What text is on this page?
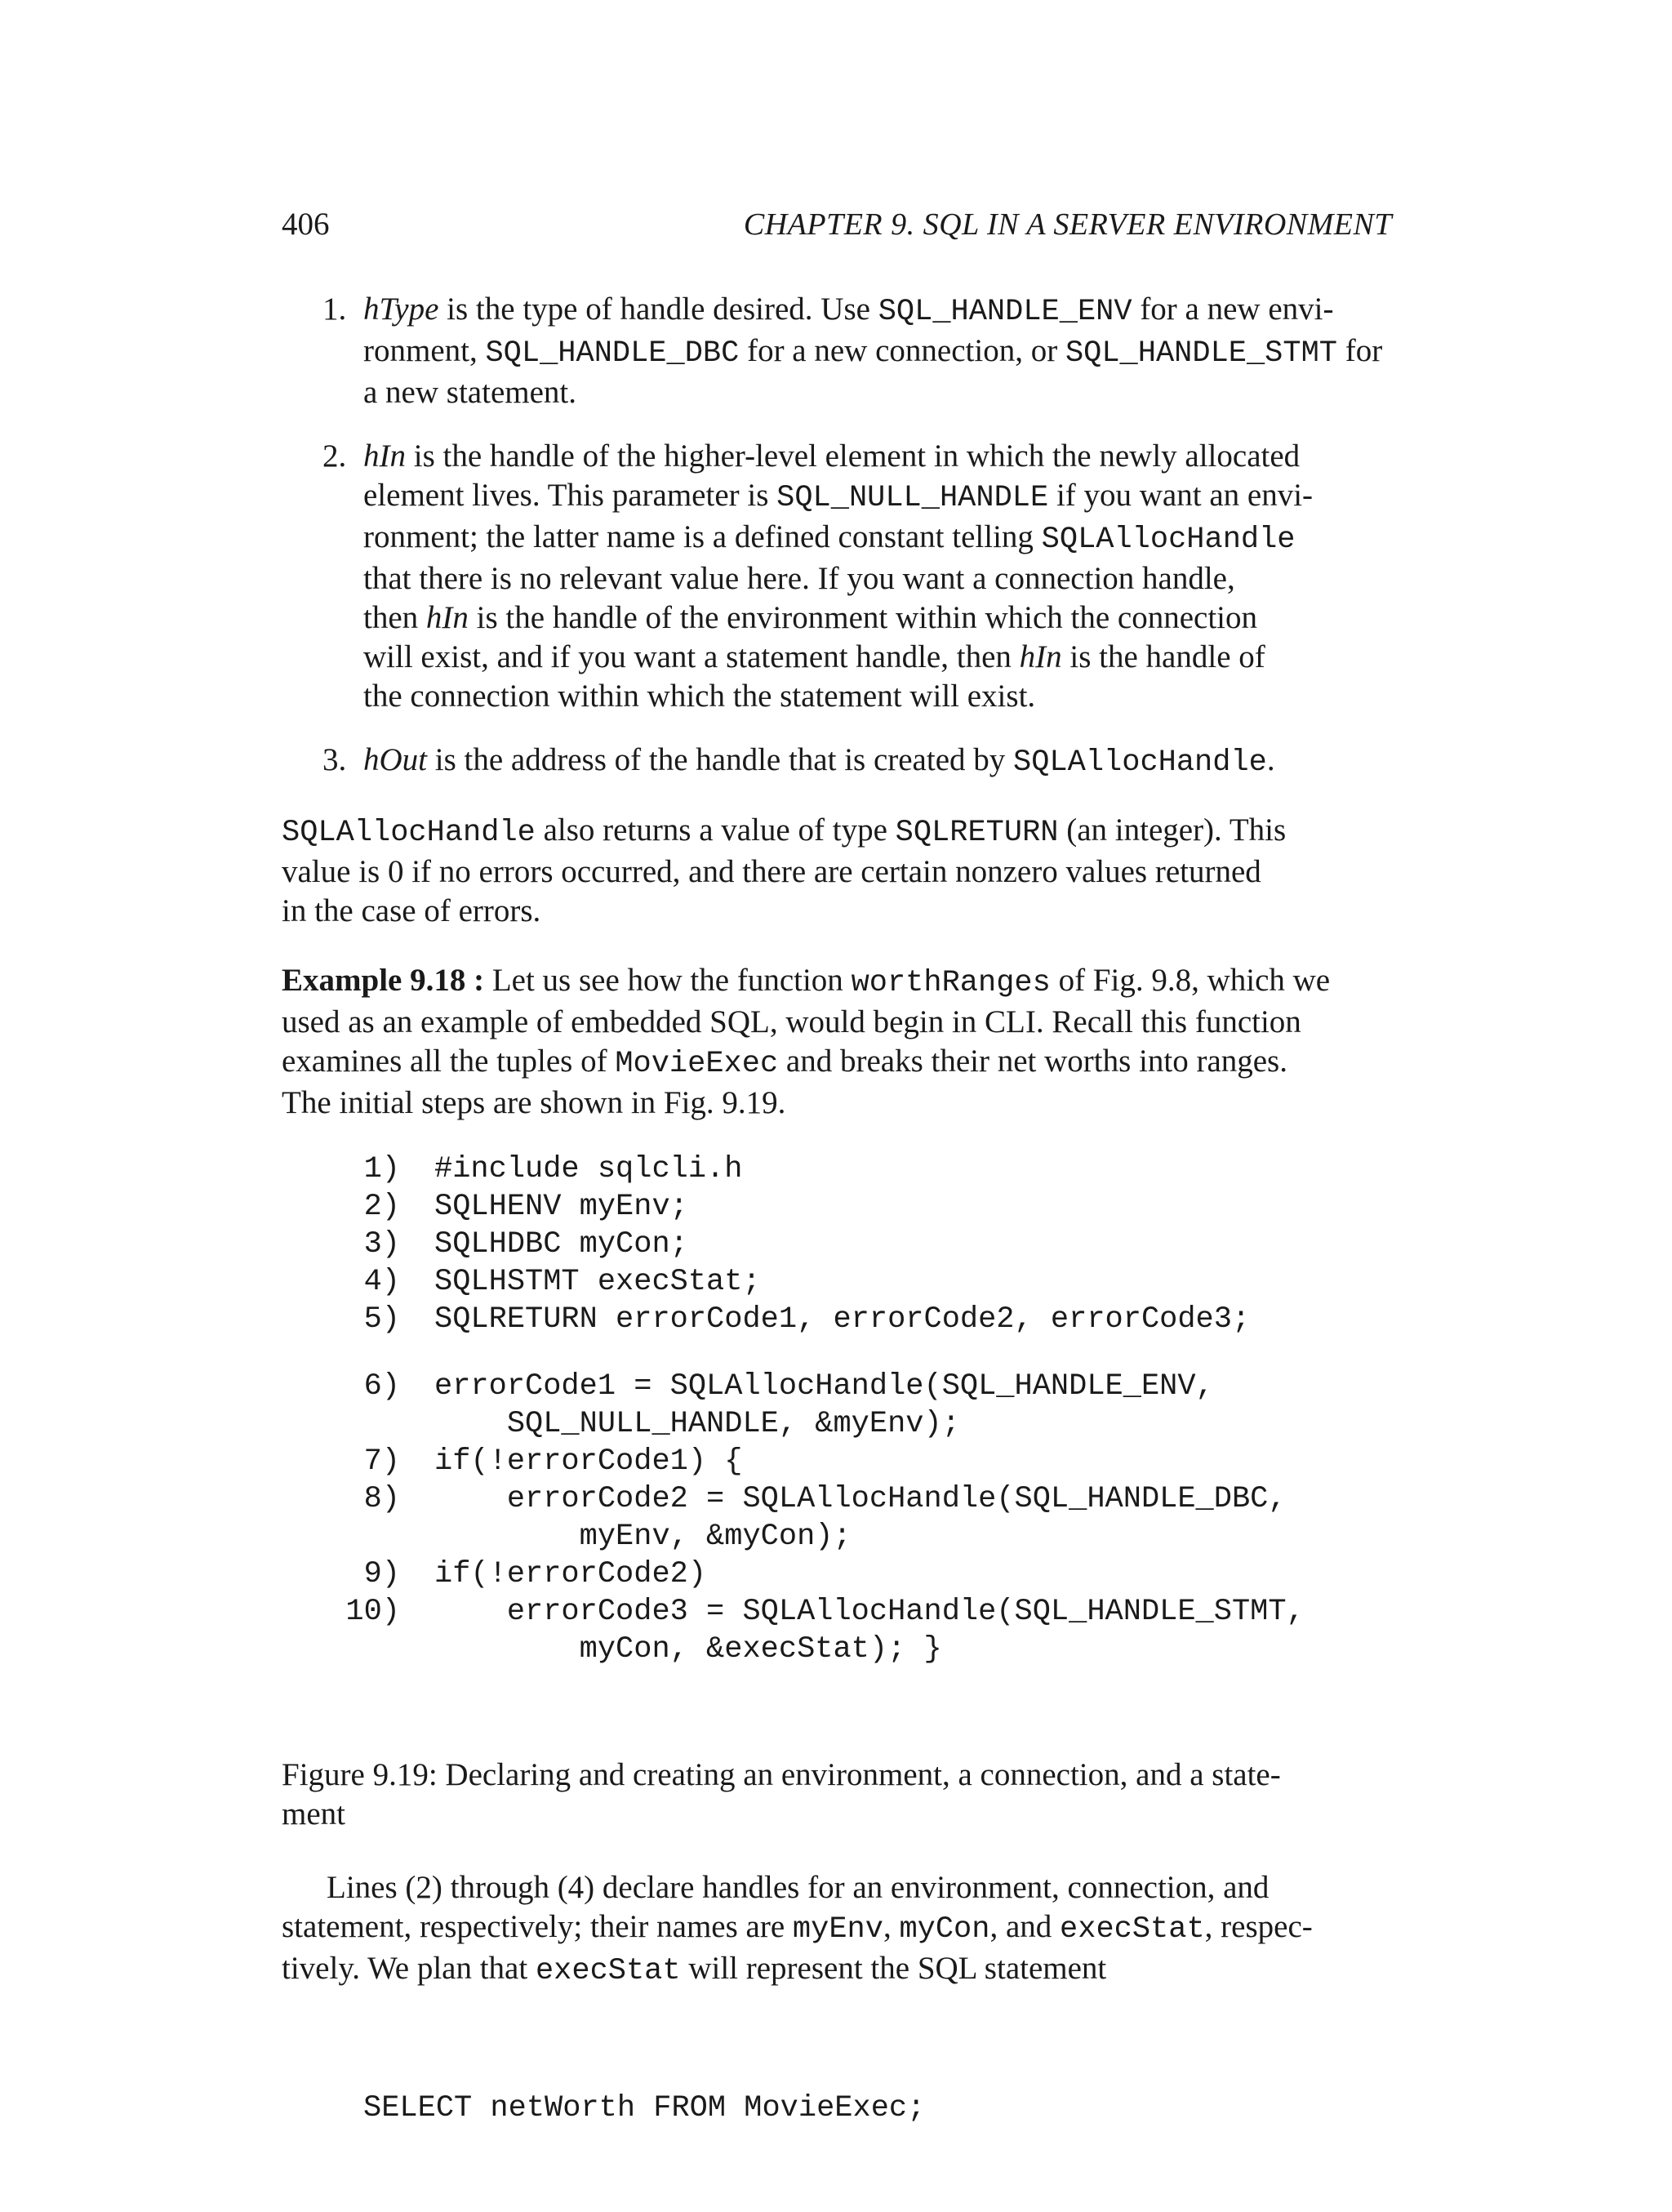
406	CHAPTER 9. SQL IN A SERVER ENVIRONMENT
1. hType is the type of handle desired. Use SQL_HANDLE_ENV for a new envi-
ronment, SQL_HANDLE_DBC for a new connection, or SQL_HANDLE_STMT for
a new statement.
2. hIn is the handle of the higher-level element in which the newly allocated
element lives. This parameter is SQL_NULL_HANDLE if you want an envi-
ronment; the latter name is a defined constant telling SQLAllocHandle
that there is no relevant value here. If you want a connection handle,
then hIn is the handle of the environment within which the connection
will exist, and if you want a statement handle, then hIn is the handle of
the connection within which the statement will exist.
3. hOut is the address of the handle that is created by SQLAllocHandle.
SQLAllocHandle also returns a value of type SQLRETURN (an integer). This
value is 0 if no errors occurred, and there are certain nonzero values returned
in the case of errors.
Example 9.18 : Let us see how the function worthRanges of Fig. 9.8, which we
used as an example of embedded SQL, would begin in CLI. Recall this function
examines all the tuples of MovieExec and breaks their net worths into ranges.
The initial steps are shown in Fig. 9.19.
1) #include sqlcli.h
2) SQLHENV myEnv;
3) SQLHDBC myCon;
4) SQLHSTMT execStat;
5) SQLRETURN errorCode1, errorCode2, errorCode3;
6) errorCode1 = SQLAllocHandle(SQL_HANDLE_ENV,
SQL_NULL_HANDLE, &myEnv);
7) if(!errorCode1) {
8) errorCode2 = SQLAllocHandle(SQL_HANDLE_DBC,
myEnv, &myCon);
9) if(!errorCode2)
10) errorCode3 = SQLAllocHandle(SQL_HANDLE_STMT,
myCon, &execStat); }
Figure 9.19: Declaring and creating an environment, a connection, and a state-
ment
Lines (2) through (4) declare handles for an environment, connection, and
statement, respectively; their names are myEnv, myCon, and execStat, respec-
tively. We plan that execStat will represent the SQL statement
SELECT netWorth FROM MovieExec;
